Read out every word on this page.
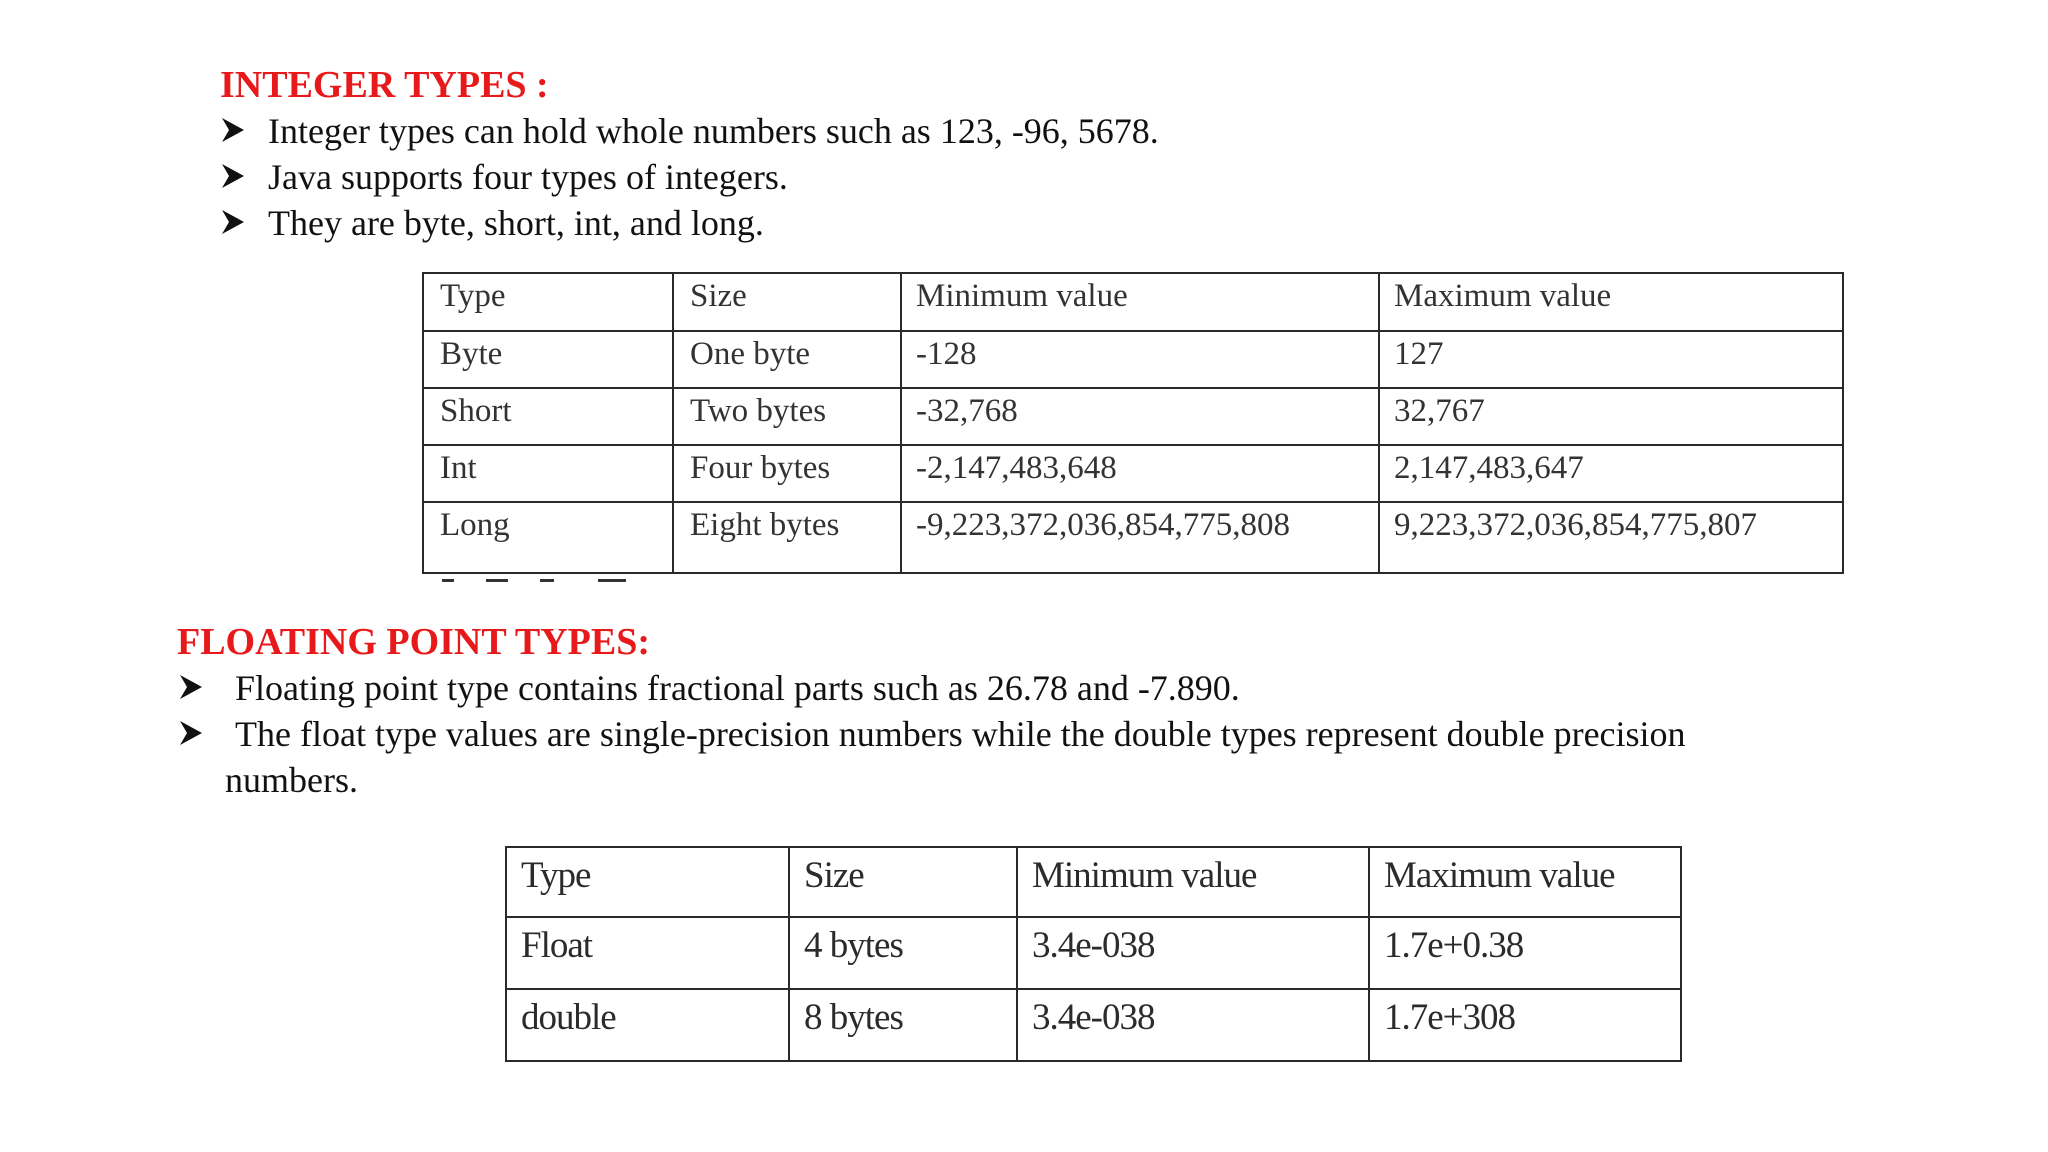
INTEGER TYPES :
Integer types can hold whole numbers such as 123, -96, 5678.
Java supports four types of integers.
They are byte, short, int, and long.
Type	Size	Minimum value	Maximum value

Byte	One byte	-128	127

Short	Two bytes	-32,768	32,767

Int	Four bytes	-2,147,483,648	2,147,483,647

Long	Eight bytes	-9,223,372,036,854,775,808	9,223,372,036,854,775,807
FLOATING POINT TYPES:
Floating point type contains fractional parts such as 26.78 and -7.890.
The float type values are single-precision numbers while the double types represent double precision
numbers.
Type	Size	Minimum value	Maximum value

Float	4 bytes	3.4e-038	1.7e+0.38

double	8 bytes	3.4e-038	1.7e+308
